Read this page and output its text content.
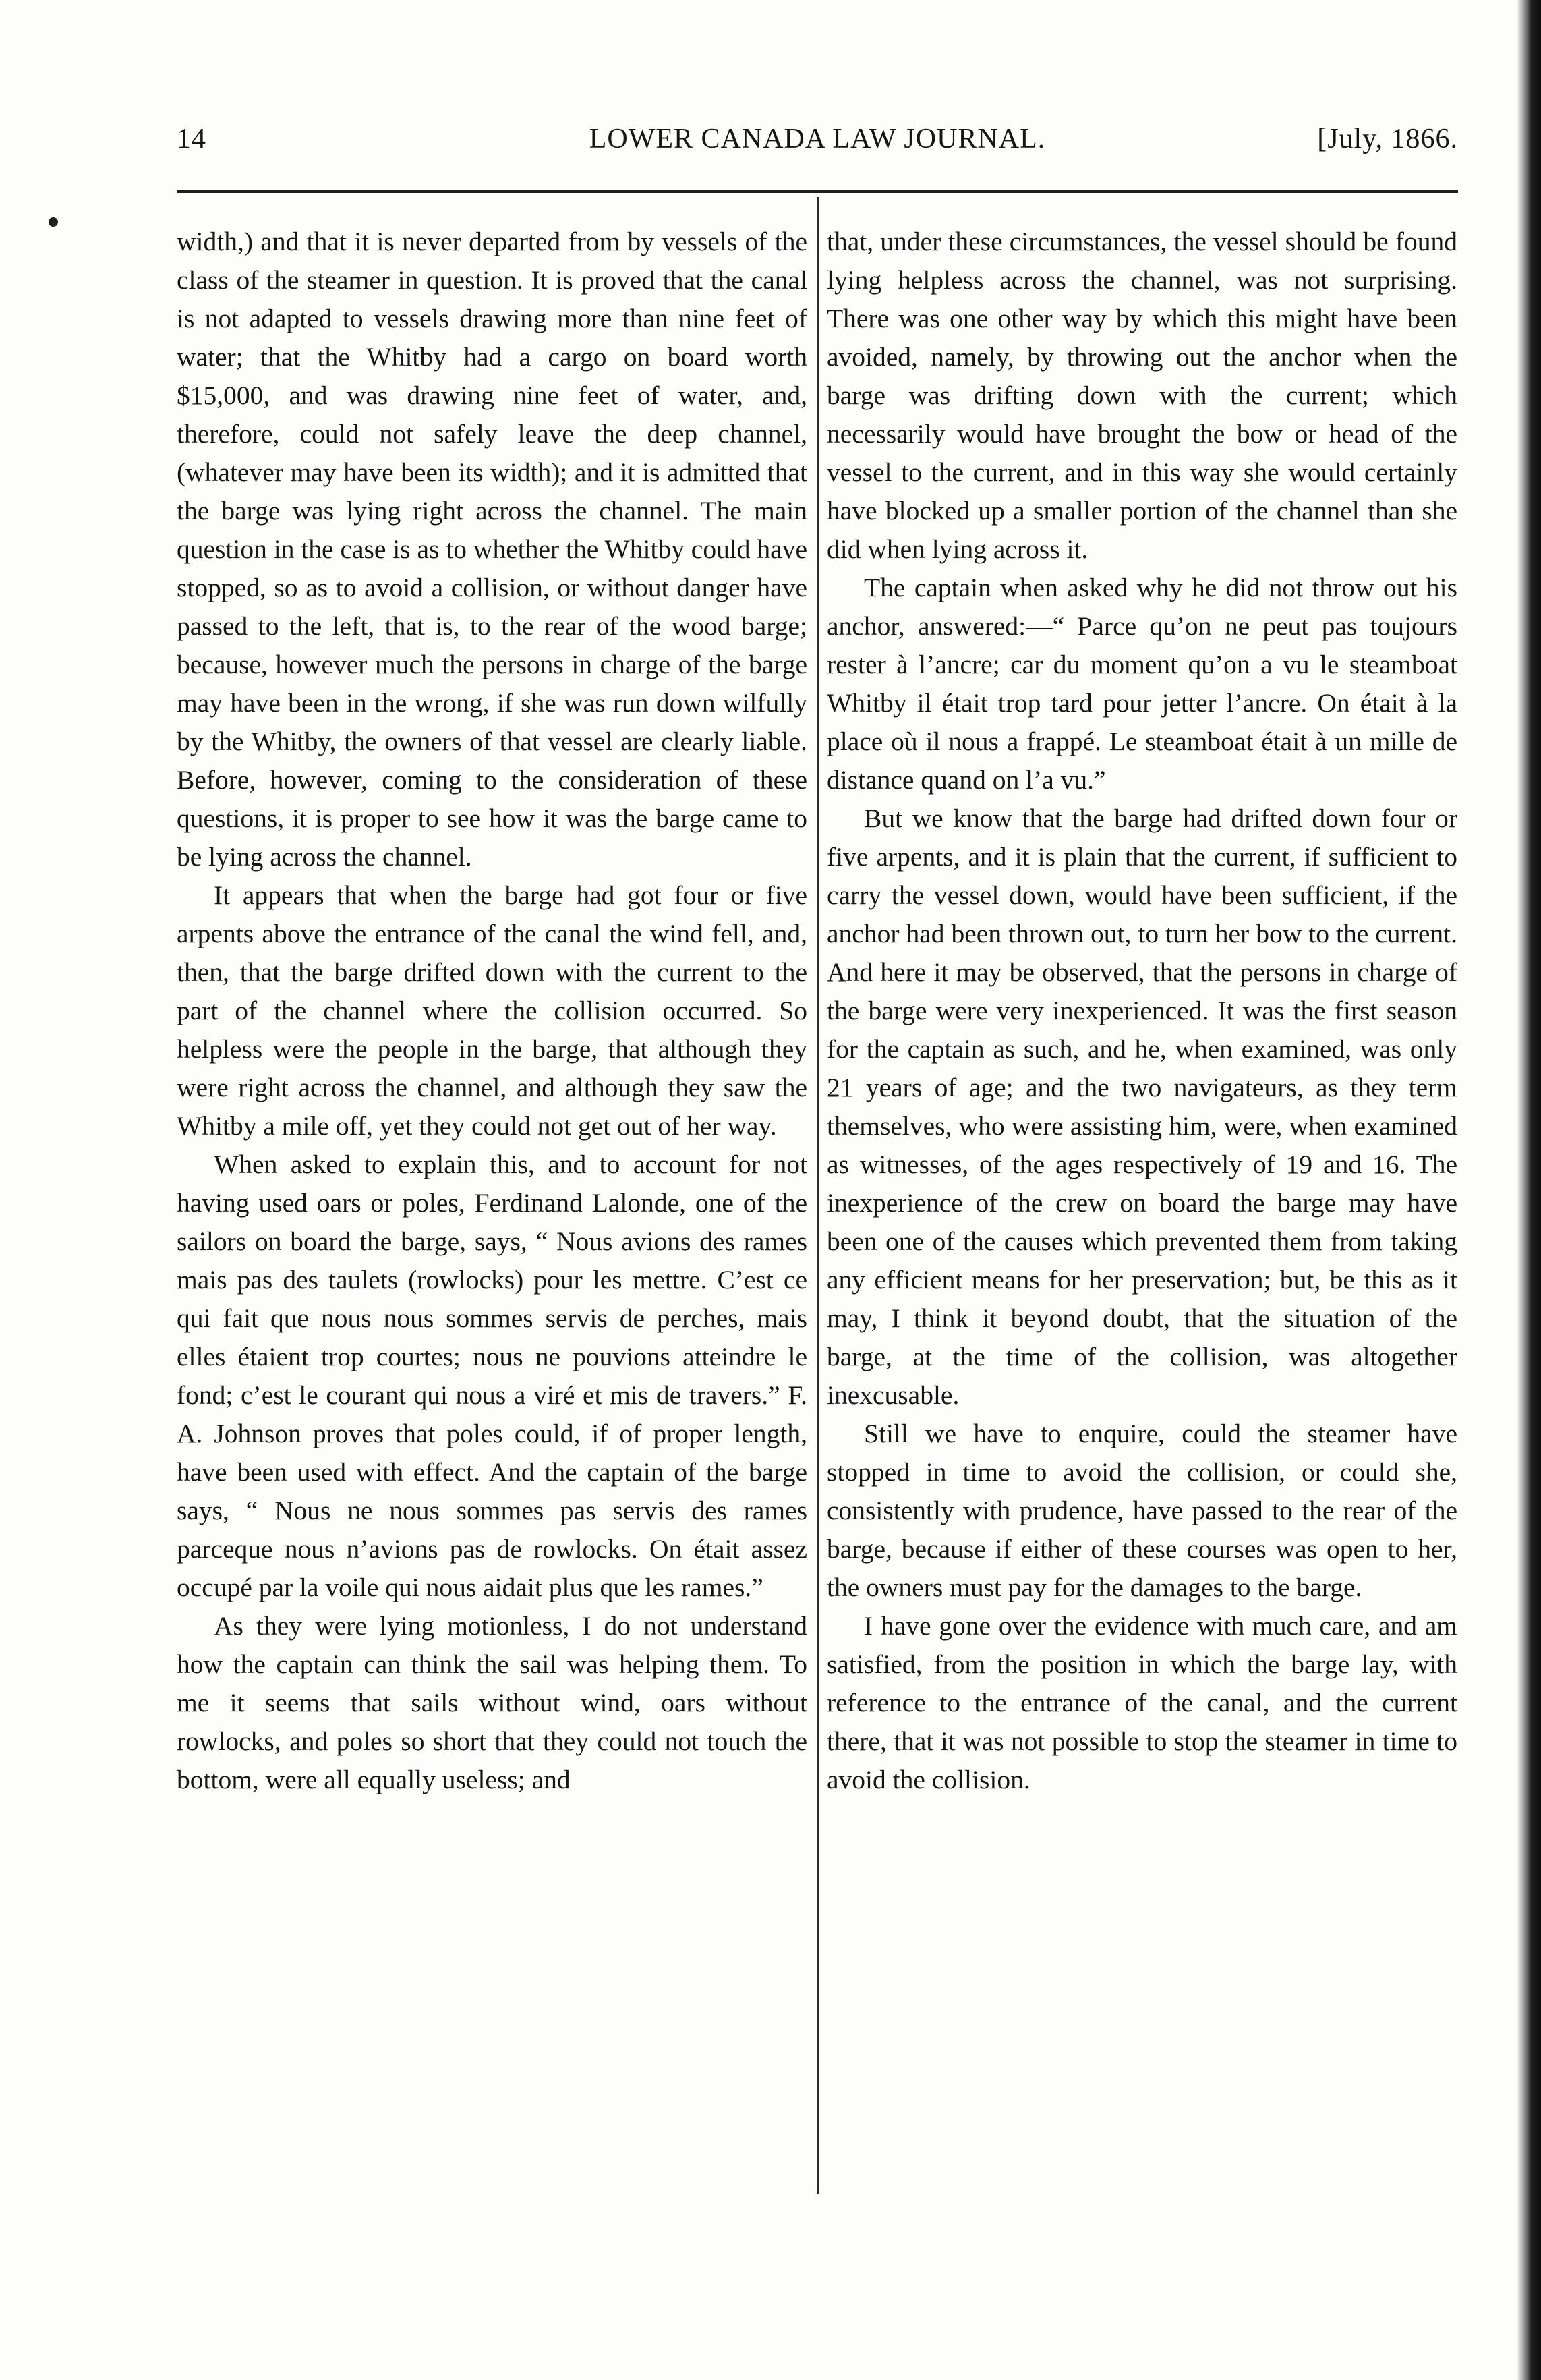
14	LOWER CANADA LAW JOURNAL.	[July, 1866.

width,) and that it is never departed from by vessels of the class of the steamer in question. It is proved that the canal is not adapted to vessels drawing more than nine feet of water; that the Whitby had a cargo on board worth $15,000, and was drawing nine feet of water, and, therefore, could not safely leave the deep channel, (whatever may have been its width); and it is admitted that the barge was lying right across the channel. The main question in the case is as to whether the Whitby could have stopped, so as to avoid a collision, or without danger have passed to the left, that is, to the rear of the wood barge; because, however much the persons in charge of the barge may have been in the wrong, if she was run down wilfully by the Whitby, the owners of that vessel are clearly liable. Before, however, coming to the consideration of these questions, it is proper to see how it was the barge came to be lying across the channel.

It appears that when the barge had got four or five arpents above the entrance of the canal the wind fell, and, then, that the barge drifted down with the current to the part of the channel where the collision occurred. So helpless were the people in the barge, that although they were right across the channel, and although they saw the Whitby a mile off, yet they could not get out of her way.

When asked to explain this, and to account for not having used oars or poles, Ferdinand Lalonde, one of the sailors on board the barge, says, “ Nous avions des rames mais pas des taulets (rowlocks) pour les mettre. C’est ce qui fait que nous nous sommes servis de perches, mais elles étaient trop courtes; nous ne pouvions atteindre le fond; c’est le courant qui nous a viré et mis de travers.” F. A. Johnson proves that poles could, if of proper length, have been used with effect. And the captain of the barge says, “ Nous ne nous sommes pas servis des rames parceque nous n’avions pas de rowlocks. On était assez occupé par la voile qui nous aidait plus que les rames.”

As they were lying motionless, I do not understand how the captain can think the sail was helping them. To me it seems that sails without wind, oars without rowlocks, and poles so short that they could not touch the bottom, were all equally useless; and

that, under these circumstances, the vessel should be found lying helpless across the channel, was not surprising. There was one other way by which this might have been avoided, namely, by throwing out the anchor when the barge was drifting down with the current; which necessarily would have brought the bow or head of the vessel to the current, and in this way she would certainly have blocked up a smaller portion of the channel than she did when lying across it.

The captain when asked why he did not throw out his anchor, answered:—“ Parce qu’on ne peut pas toujours rester à l’ancre; car du moment qu’on a vu le steamboat Whitby il était trop tard pour jetter l’ancre. On était à la place où il nous a frappé. Le steamboat était à un mille de distance quand on l’a vu.”

But we know that the barge had drifted down four or five arpents, and it is plain that the current, if sufficient to carry the vessel down, would have been sufficient, if the anchor had been thrown out, to turn her bow to the current. And here it may be observed, that the persons in charge of the barge were very inexperienced. It was the first season for the captain as such, and he, when examined, was only 21 years of age; and the two navigateurs, as they term themselves, who were assisting him, were, when examined as witnesses, of the ages respectively of 19 and 16. The inexperience of the crew on board the barge may have been one of the causes which prevented them from taking any efficient means for her preservation; but, be this as it may, I think it beyond doubt, that the situation of the barge, at the time of the collision, was altogether inexcusable.

Still we have to enquire, could the steamer have stopped in time to avoid the collision, or could she, consistently with prudence, have passed to the rear of the barge, because if either of these courses was open to her, the owners must pay for the damages to the barge.

I have gone over the evidence with much care, and am satisfied, from the position in which the barge lay, with reference to the entrance of the canal, and the current there, that it was not possible to stop the steamer in time to avoid the collision.
